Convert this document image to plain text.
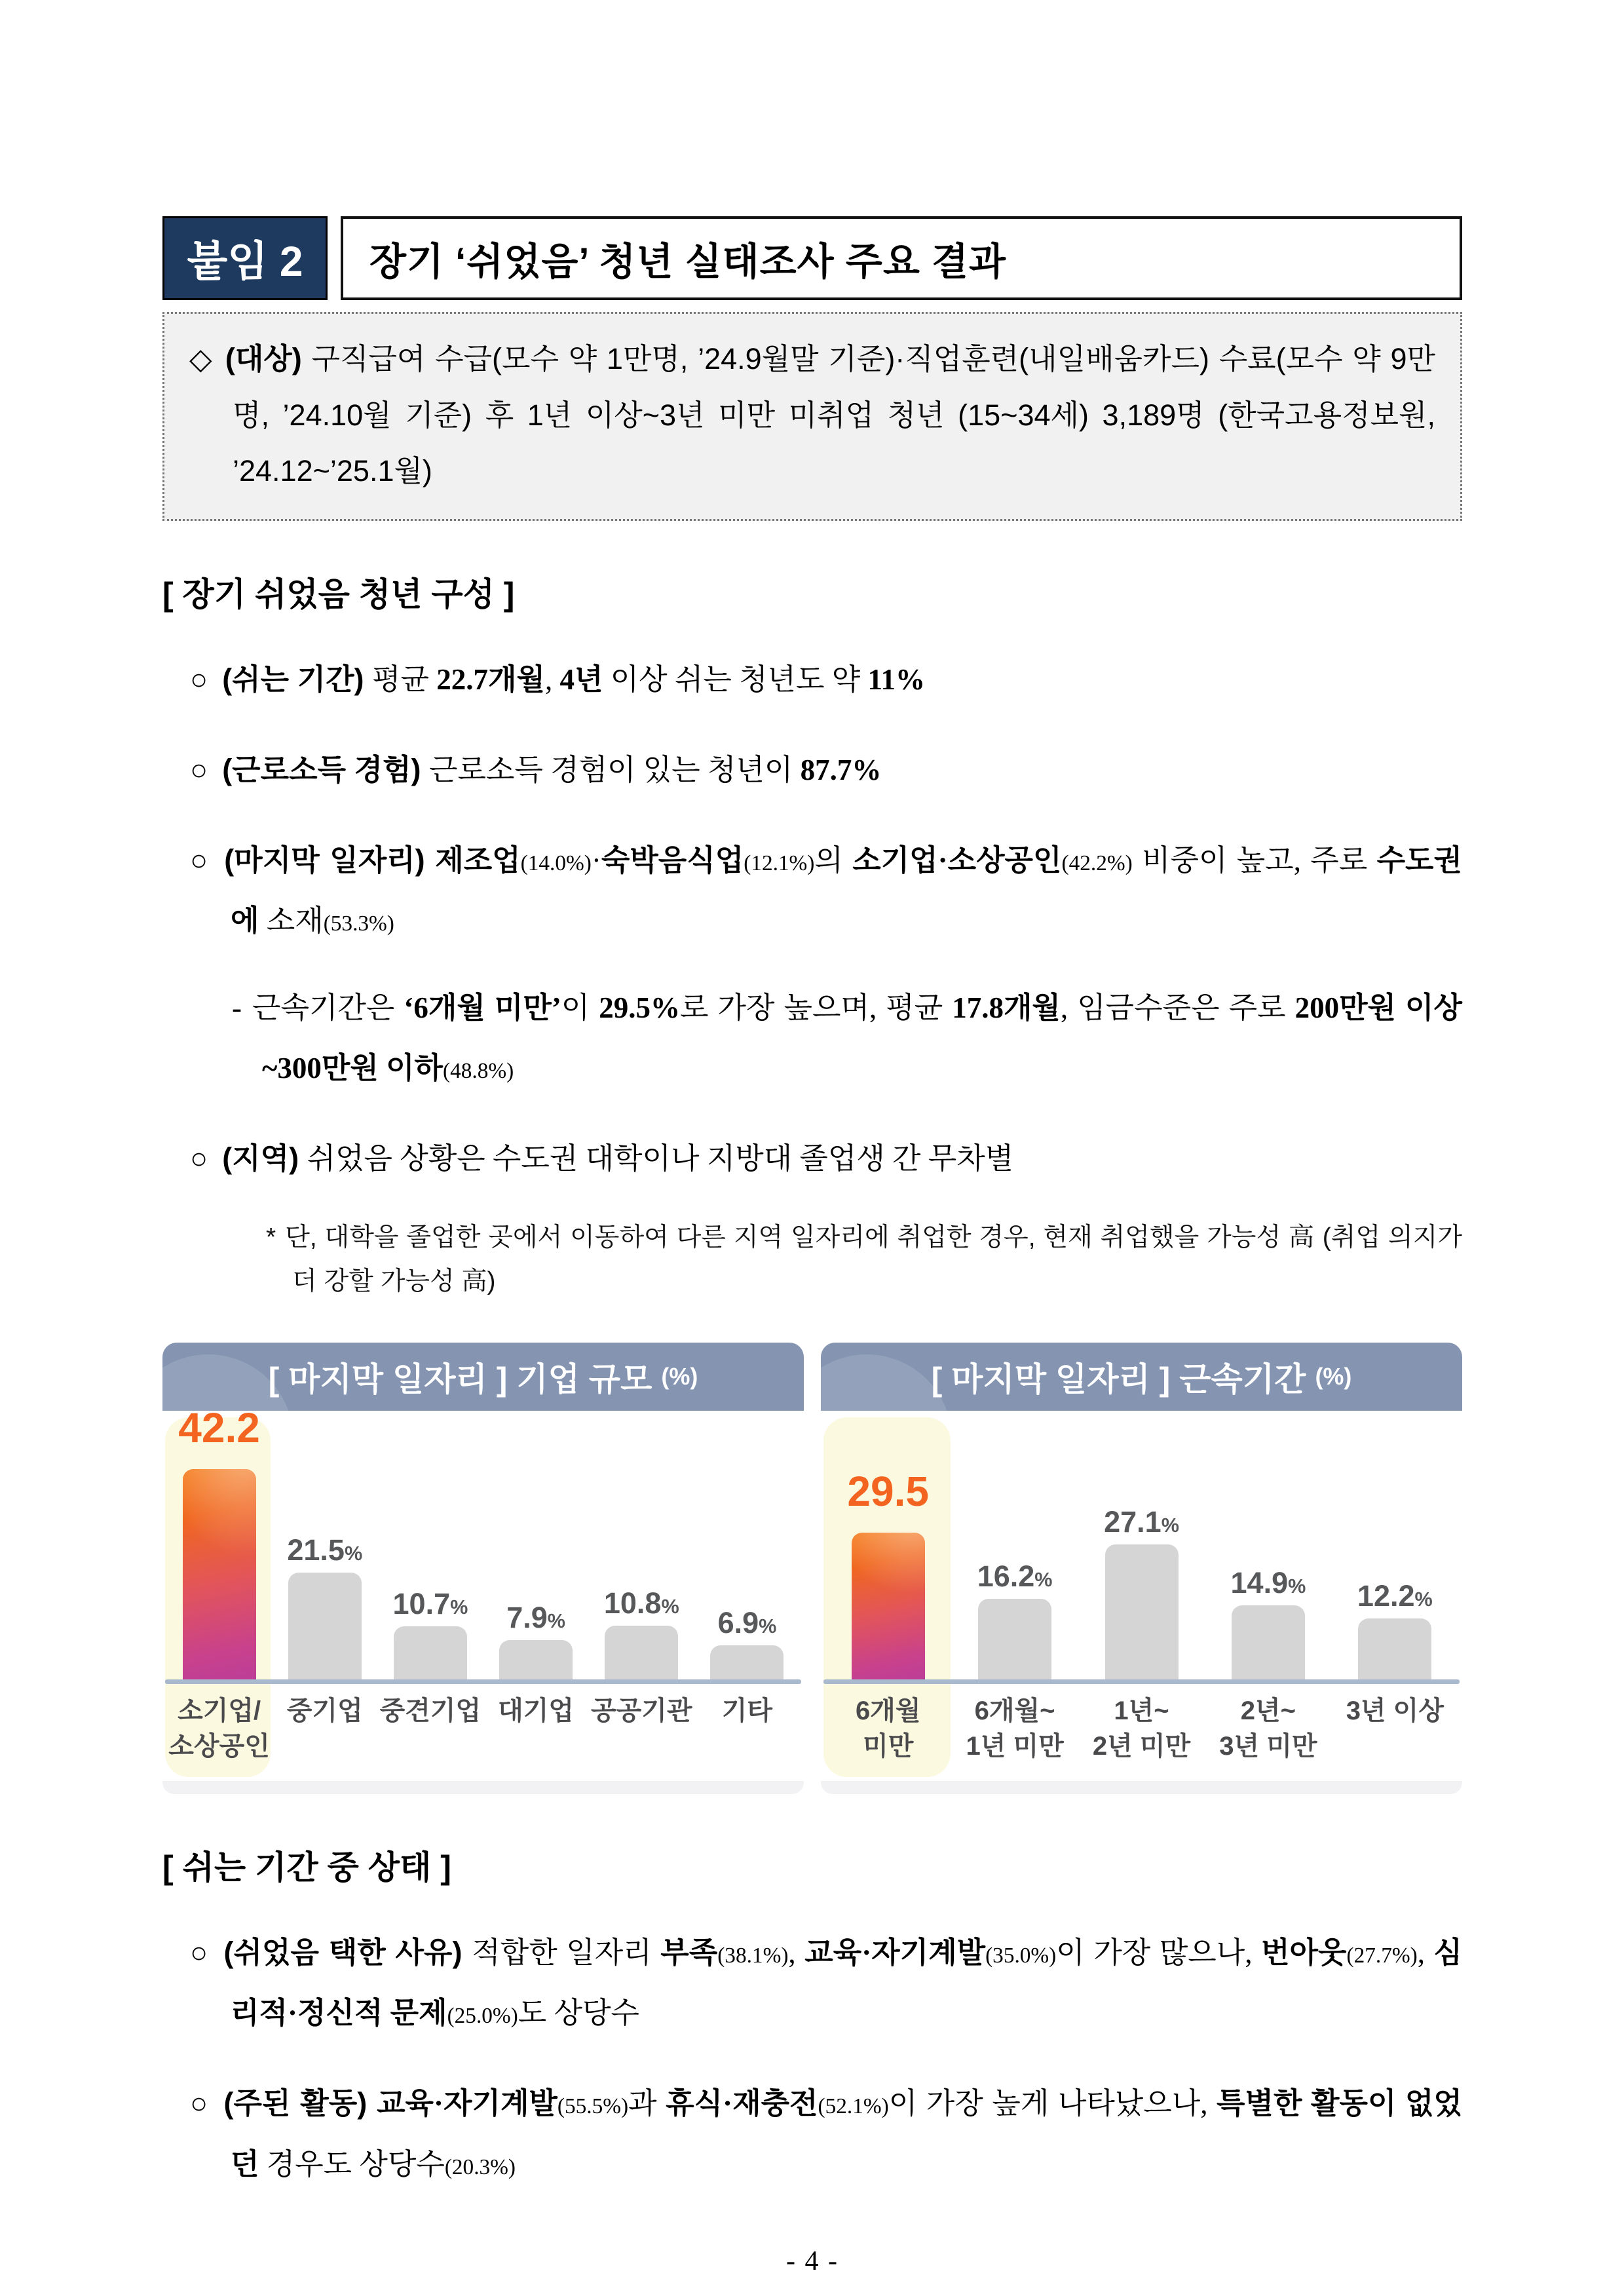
붙임 2	장기 ‘쉬었음’ 청년 실태조사 주요 결과

◇ (대상) 구직급여 수급(모수 약 1만명, ’24.9월말 기준)·직업훈련(내일배움카드) 수료(모수 약 9만명, ’24.10월 기준) 후 1년 이상~3년 미만 미취업 청년 (15~34세) 3,189명 (한국고용정보원, ’24.12~’25.1월)

[ 장기 쉬었음 청년 구성 ]

○ (쉬는 기간) 평균 22.7개월, 4년 이상 쉬는 청년도 약 11%

○ (근로소득 경험) 근로소득 경험이 있는 청년이 87.7%

○ (마지막 일자리) 제조업(14.0%)·숙박음식업(12.1%)의 소기업·소상공인(42.2%) 비중이 높고, 주로 수도권에 소재(53.3%)

- 근속기간은 ‘6개월 미만’이 29.5%로 가장 높으며, 평균 17.8개월, 임금수준은 주로 200만원 이상~300만원 이하(48.8%)

○ (지역) 쉬었음 상황은 수도권 대학이나 지방대 졸업생 간 무차별

* 단, 대학을 졸업한 곳에서 이동하여 다른 지역 일자리에 취업한 경우, 현재 취업했을 가능성 高 (취업 의지가 더 강할 가능성 高)

[ 마지막 일자리 ] 기업 규모 (%)
42.2
21.5%
10.7% 7.9%
10.8% 6.9%
소기업/
소상공인
중기업 중견기업 대기업 공공기관	기타
[ 마지막 일자리 ] 근속기간 (%)
29.5
16.2%
27.1%
14.9% 12.2%
6개월
미만
6개월~
1년 미만
1년~
2년 미만
2년~
3년 미만
3년 이상
[ 쉬는 기간 중 상태 ]

○ (쉬었음 택한 사유) 적합한 일자리 부족(38.1%), 교육·자기계발(35.0%)이 가장 많으나, 번아웃(27.7%), 심리적·정신적 문제(25.0%)도 상당수

○ (주된 활동) 교육·자기계발(55.5%)과 휴식·재충전(52.1%)이 가장 높게 나타났으나, 특별한 활동이 없었던 경우도 상당수(20.3%)

- 4 -
